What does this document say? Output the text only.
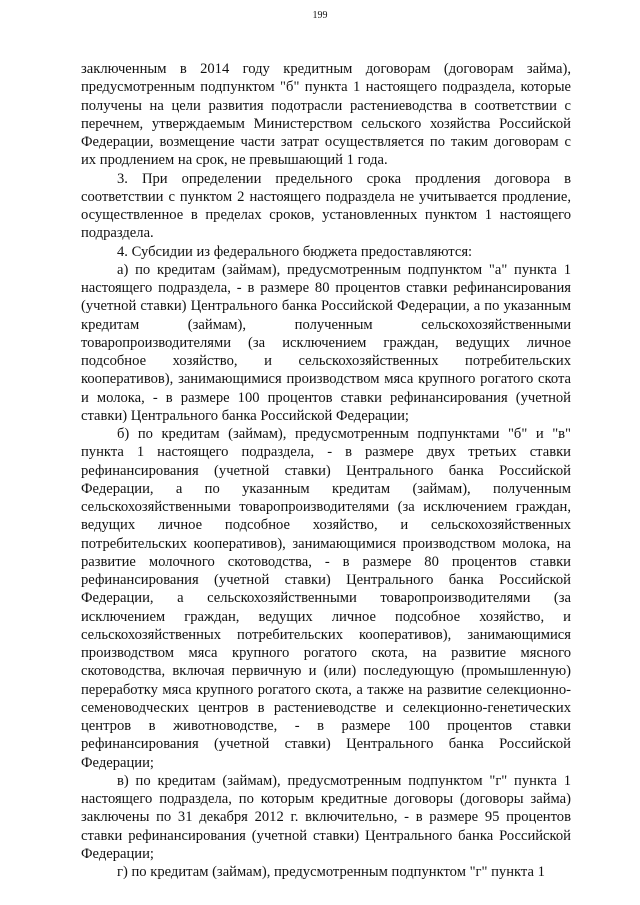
199

заключенным в 2014 году кредитным договорам (договорам займа), предусмотренным подпунктом "б" пункта 1 настоящего подраздела, которые получены на цели развития подотрасли растениеводства в соответствии с перечнем, утверждаемым Министерством сельского хозяйства Российской Федерации, возмещение части затрат осуществляется по таким договорам с их продлением на срок, не превышающий 1 года.

3. При определении предельного срока продления договора в соответствии с пунктом 2 настоящего подраздела не учитывается продление, осуществленное в пределах сроков, установленных пунктом 1 настоящего подраздела.

4. Субсидии из федерального бюджета предоставляются:

а) по кредитам (займам), предусмотренным подпунктом "а" пункта 1 настоящего подраздела, - в размере 80 процентов ставки рефинансирования (учетной ставки) Центрального банка Российской Федерации, а по указанным кредитам (займам), полученным сельскохозяйственными товаропроизводителями (за исключением граждан, ведущих личное подсобное хозяйство, и сельскохозяйственных потребительских кооперативов), занимающимися производством мяса крупного рогатого скота и молока, - в размере 100 процентов ставки рефинансирования (учетной ставки) Центрального банка Российской Федерации;

б) по кредитам (займам), предусмотренным подпунктами "б" и "в" пункта 1 настоящего подраздела, - в размере двух третьих ставки рефинансирования (учетной ставки) Центрального банка Российской Федерации, а по указанным кредитам (займам), полученным сельскохозяйственными товаропроизводителями (за исключением граждан, ведущих личное подсобное хозяйство, и сельскохозяйственных потребительских кооперативов), занимающимися производством молока, на развитие молочного скотоводства, - в размере 80 процентов ставки рефинансирования (учетной ставки) Центрального банка Российской Федерации, а сельскохозяйственными товаропроизводителями (за исключением граждан, ведущих личное подсобное хозяйство, и сельскохозяйственных потребительских кооперативов), занимающимися производством мяса крупного рогатого скота, на развитие мясного скотоводства, включая первичную и (или) последующую (промышленную) переработку мяса крупного рогатого скота, а также на развитие селекционно-семеноводческих центров в растениеводстве и селекционно-генетических центров в животноводстве, - в размере 100 процентов ставки рефинансирования (учетной ставки) Центрального банка Российской Федерации;

в) по кредитам (займам), предусмотренным подпунктом "г" пункта 1 настоящего подраздела, по которым кредитные договоры (договоры займа) заключены по 31 декабря 2012 г. включительно, - в размере 95 процентов ставки рефинансирования (учетной ставки) Центрального банка Российской Федерации;

г) по кредитам (займам), предусмотренным подпунктом "г" пункта 1
